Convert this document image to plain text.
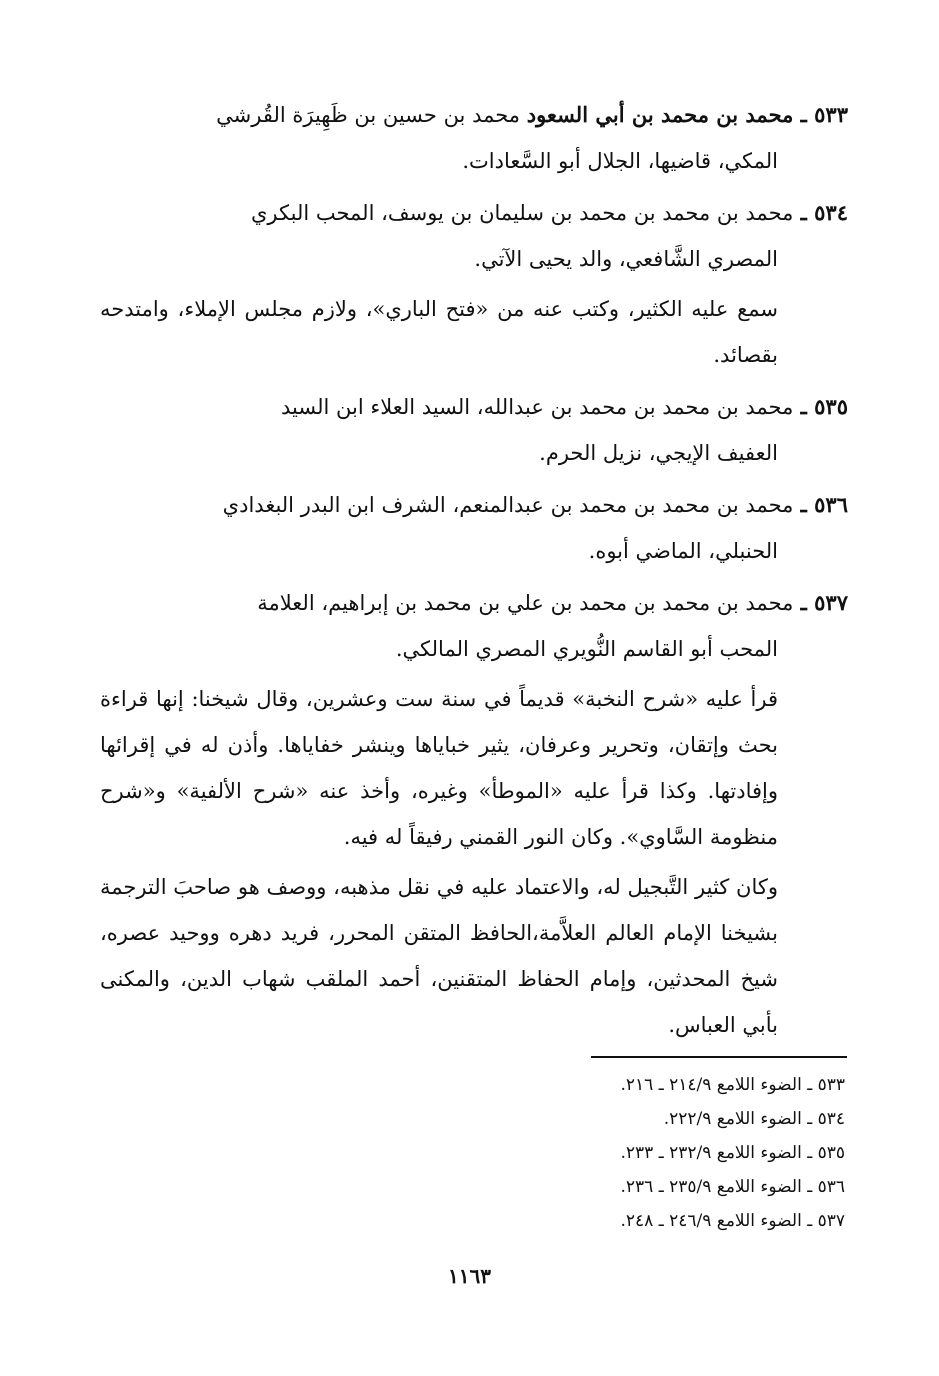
٥٣٣ ـ محمد بن محمد بن أبي السعود محمد بن حسين بن ظَهِيرَة القُرشي

المكي، قاضيها، الجلال أبو السَّعادات.

٥٣٤ ـ محمد بن محمد بن محمد بن سليمان بن يوسف، المحب البكري

المصري الشَّافعي، والد يحيى الآتي.

سمع عليه الكثير، وكتب عنه من «فتح الباري»، ولازم مجلس الإملاء، وامتدحه بقصائد.

٥٣٥ ـ محمد بن محمد بن محمد بن عبدالله، السيد العلاء ابن السيد

العفيف الإيجي، نزيل الحرم.

٥٣٦ ـ محمد بن محمد بن محمد بن عبدالمنعم، الشرف ابن البدر البغدادي

الحنبلي، الماضي أبوه.

٥٣٧ ـ محمد بن محمد بن محمد بن علي بن محمد بن إبراهيم، العلامة

المحب أبو القاسم النُّويري المصري المالكي.

قرأ عليه «شرح النخبة» قديماً في سنة ست وعشرين، وقال شيخنا: إنها قراءة بحث وإتقان، وتحرير وعرفان، يثير خباياها وينشر خفاياها. وأذن له في إقرائها وإفادتها. وكذا قرأ عليه «الموطأ» وغيره، وأخذ عنه «شرح الألفية» و«شرح منظومة السَّاوي». وكان النور القمني رفيقاً له فيه.

وكان كثير التَّبجيل له، والاعتماد عليه في نقل مذهبه، ووصف هو صاحبَ الترجمة بشيخنا الإمام العالم العلاَّمة،الحافظ المتقن المحرر، فريد دهره ووحيد عصره، شيخ المحدثين، وإمام الحفاظ المتقنين، أحمد الملقب شهاب الدين، والمكنى بأبي العباس.

٥٣٣ ـ الضوء اللامع ٢١٤/٩ ـ ٢١٦.

٥٣٤ ـ الضوء اللامع ٢٢٢/٩.

٥٣٥ ـ الضوء اللامع ٢٣٢/٩ ـ ٢٣٣.

٥٣٦ ـ الضوء اللامع ٢٣٥/٩ ـ ٢٣٦.

٥٣٧ ـ الضوء اللامع ٢٤٦/٩ ـ ٢٤٨.

١١٦٣
